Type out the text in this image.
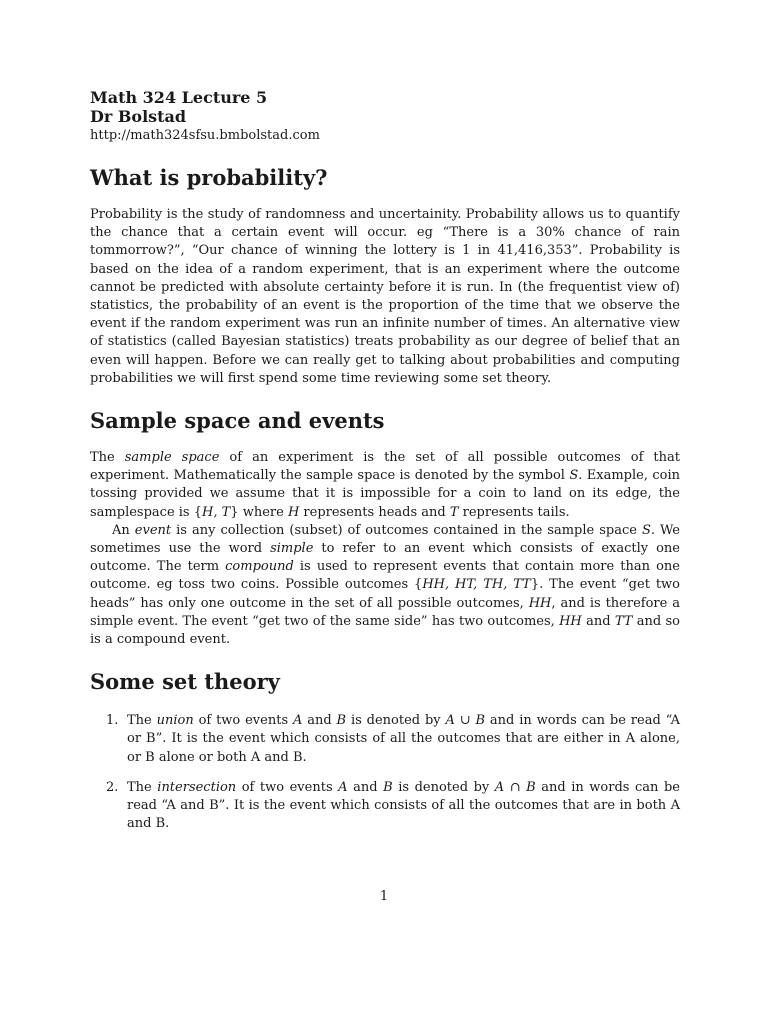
Math 324 Lecture 5
Dr Bolstad
http://math324sfsu.bmbolstad.com
What is probability?

Probability is the study of randomness and uncertainity. Probability allows us to quantify the chance that a certain event will occur. eg “There is a 30% chance of rain tommorrow?”, “Our chance of winning the lottery is 1 in 41,416,353”. Probability is based on the idea of a random experiment, that is an experiment where the outcome cannot be predicted with absolute certainty before it is run. In (the frequentist view of) statistics, the probability of an event is the proportion of the time that we observe the event if the random experiment was run an infinite number of times. An alternative view of statistics (called Bayesian statistics) treats probability as our degree of belief that an even will happen. Before we can really get to talking about probabilities and computing probabilities we will first spend some time reviewing some set theory.

Sample space and events

The sample space of an experiment is the set of all possible outcomes of that experiment. Mathematically the sample space is denoted by the symbol S. Example, coin tossing provided we assume that it is impossible for a coin to land on its edge, the samplespace is {H, T} where H represents heads and T represents tails.

An event is any collection (subset) of outcomes contained in the sample space S. We sometimes use the word simple to refer to an event which consists of exactly one outcome. The term compound is used to represent events that contain more than one outcome. eg toss two coins. Possible outcomes {HH, HT, TH, TT}. The event “get two heads” has only one outcome in the set of all possible outcomes, HH, and is therefore a simple event. The event “get two of the same side” has two outcomes, HH and TT and so is a compound event.

Some set theory
1. The union of two events A and B is denoted by A ∪ B and in words can be read “A or B”. It is the event which consists of all the outcomes that are either in A alone, or B alone or both A and B.
2. The intersection of two events A and B is denoted by A ∩ B and in words can be read “A and B”. It is the event which consists of all the outcomes that are in both A and B.
1
